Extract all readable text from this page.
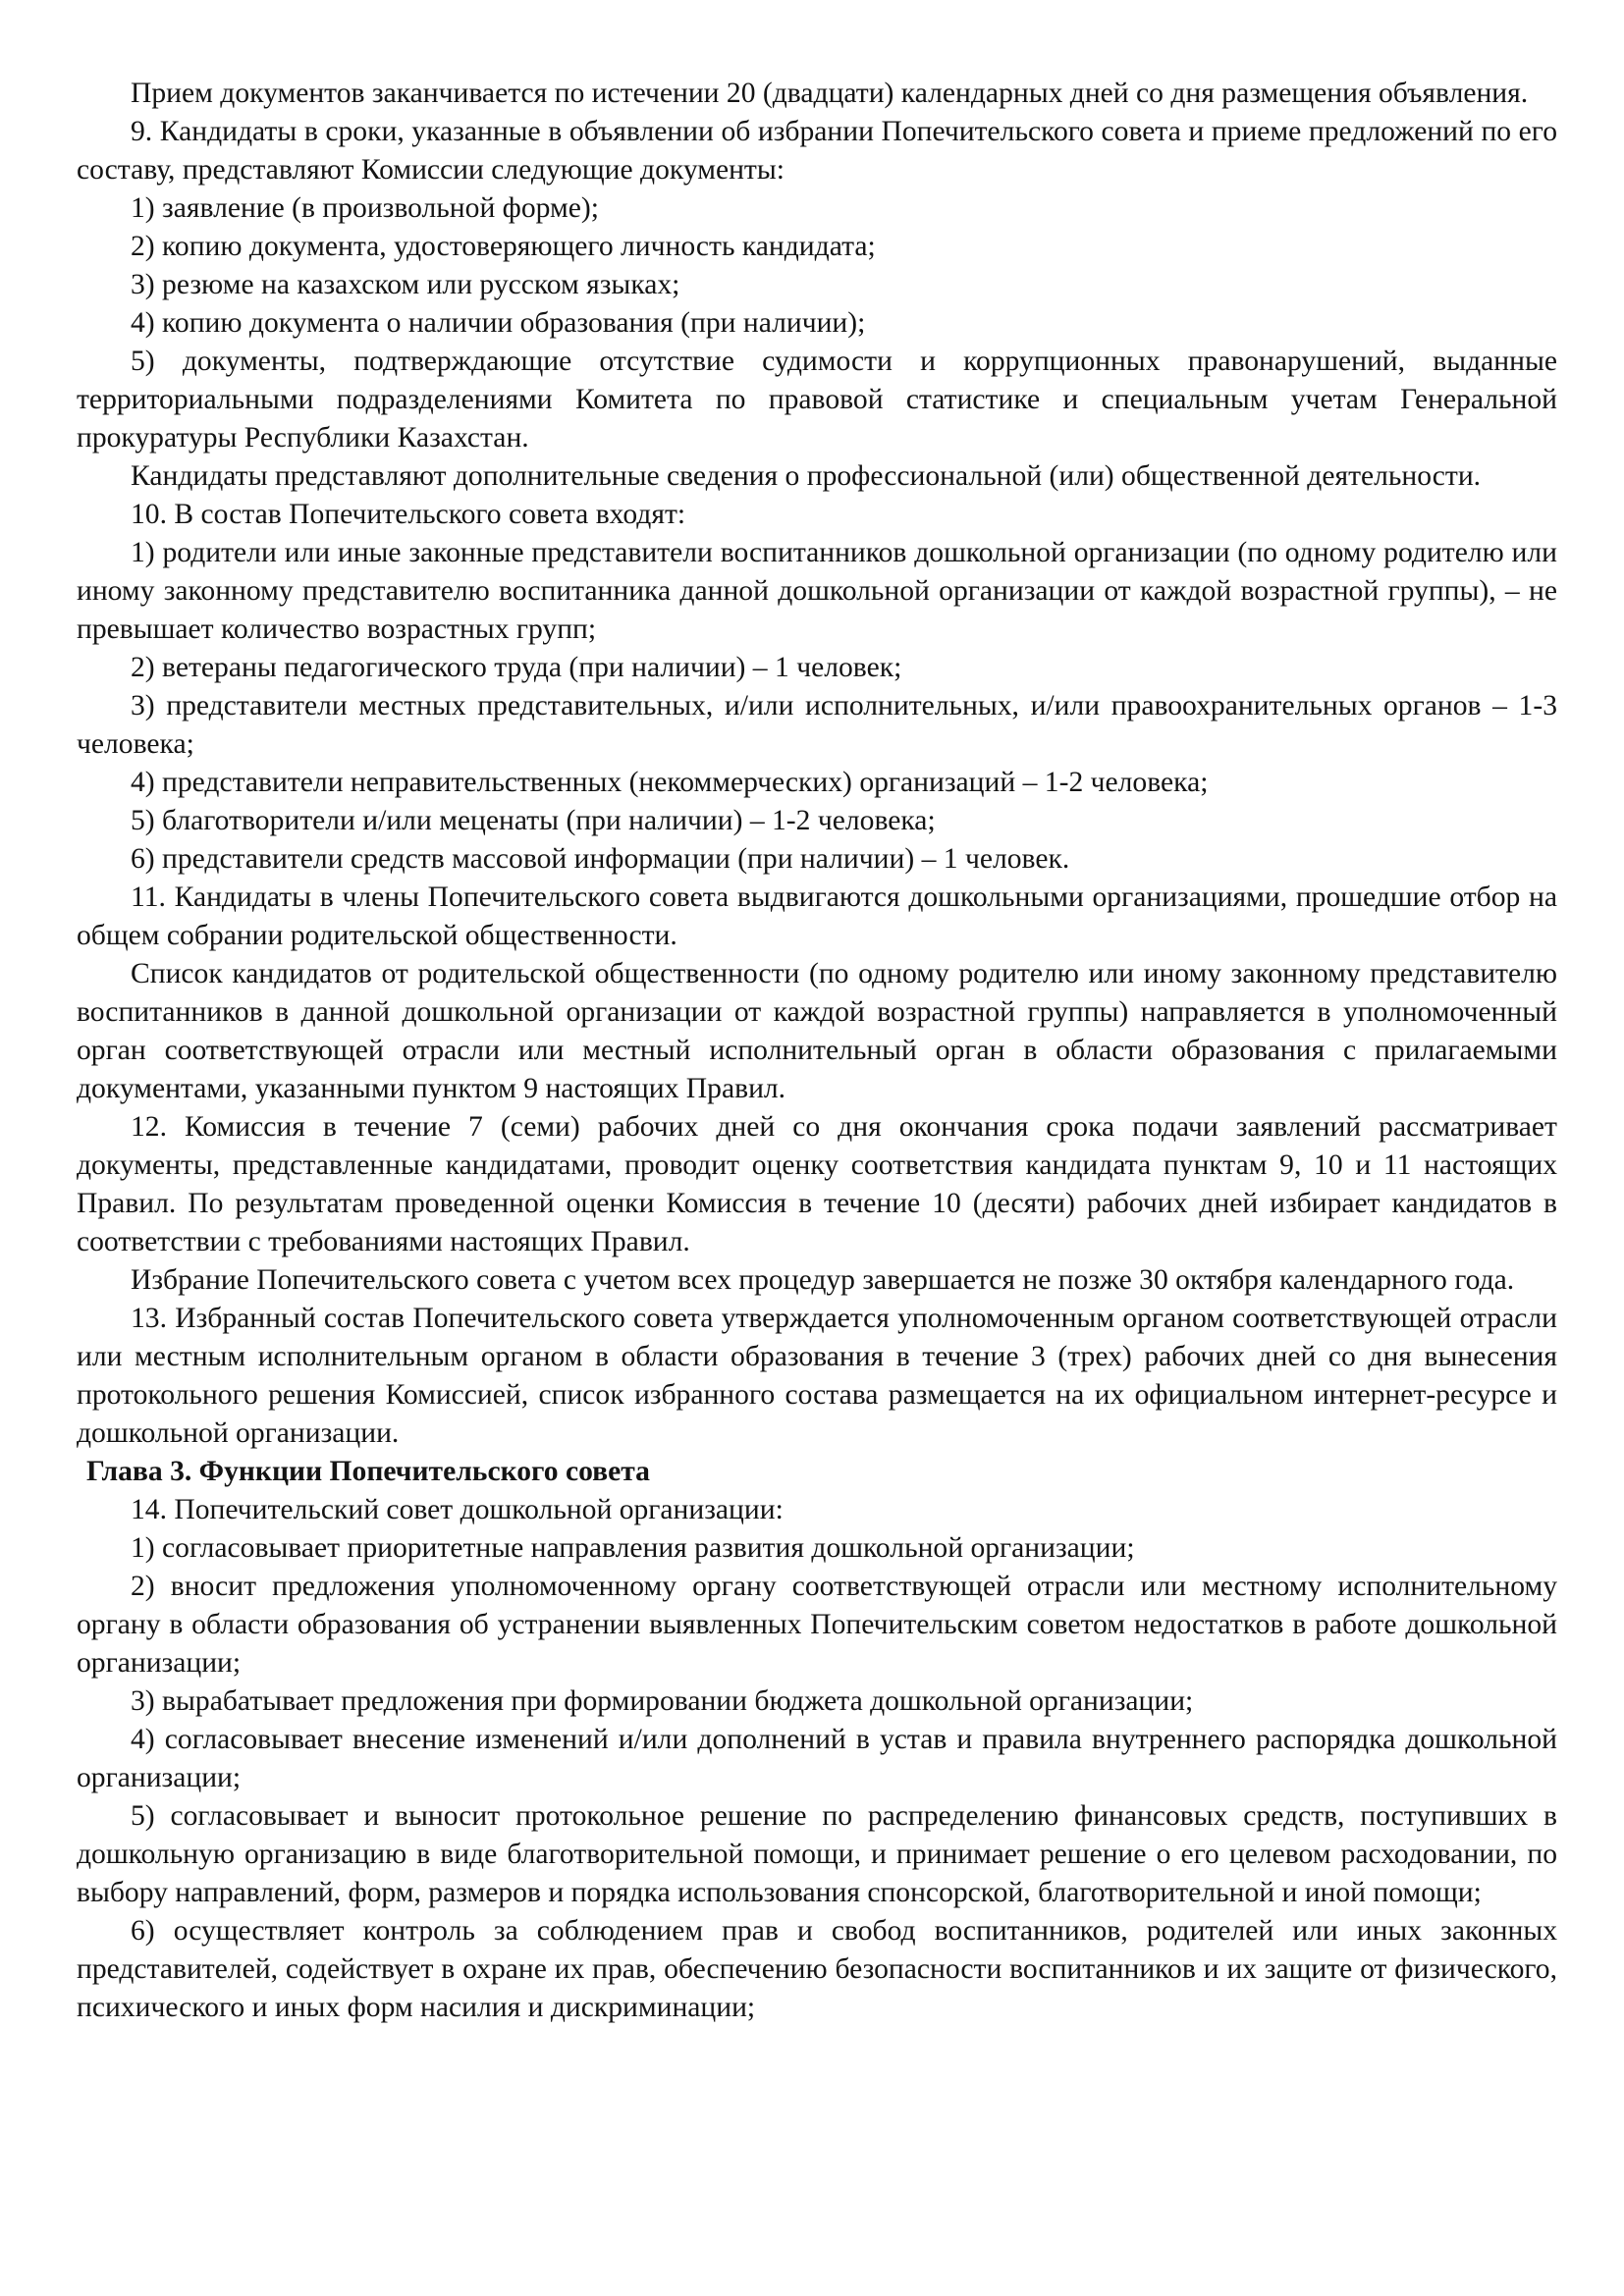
Прием документов заканчивается по истечении 20 (двадцати) календарных дней со дня размещения объявления.

9. Кандидаты в сроки, указанные в объявлении об избрании Попечительского совета и приеме предложений по его составу, представляют Комиссии следующие документы:

1) заявление (в произвольной форме);

2) копию документа, удостоверяющего личность кандидата;

3) резюме на казахском или русском языках;

4) копию документа о наличии образования (при наличии);

5) документы, подтверждающие отсутствие судимости и коррупционных правонарушений, выданные территориальными подразделениями Комитета по правовой статистике и специальным учетам Генеральной прокуратуры Республики Казахстан.

Кандидаты представляют дополнительные сведения о профессиональной (или) общественной деятельности.

10. В состав Попечительского совета входят:

1) родители или иные законные представители воспитанников дошкольной организации (по одному родителю или иному законному представителю воспитанника данной дошкольной организации от каждой возрастной группы), – не превышает количество возрастных групп;

2) ветераны педагогического труда (при наличии) – 1 человек;

3) представители местных представительных, и/или исполнительных, и/или правоохранительных органов – 1-3 человека;

4) представители неправительственных (некоммерческих) организаций – 1-2 человека;

5) благотворители и/или меценаты (при наличии) – 1-2 человека;

6) представители средств массовой информации (при наличии) – 1 человек.

11. Кандидаты в члены Попечительского совета выдвигаются дошкольными организациями, прошедшие отбор на общем собрании родительской общественности.

Список кандидатов от родительской общественности (по одному родителю или иному законному представителю воспитанников в данной дошкольной организации от каждой возрастной группы) направляется в уполномоченный орган соответствующей отрасли или местный исполнительный орган в области образования с прилагаемыми документами, указанными пунктом 9 настоящих Правил.

12. Комиссия в течение 7 (семи) рабочих дней со дня окончания срока подачи заявлений рассматривает документы, представленные кандидатами, проводит оценку соответствия кандидата пунктам 9, 10 и 11 настоящих Правил. По результатам проведенной оценки Комиссия в течение 10 (десяти) рабочих дней избирает кандидатов в соответствии с требованиями настоящих Правил.

Избрание Попечительского совета с учетом всех процедур завершается не позже 30 октября календарного года.

13. Избранный состав Попечительского совета утверждается уполномоченным органом соответствующей отрасли или местным исполнительным органом в области образования в течение 3 (трех) рабочих дней со дня вынесения протокольного решения Комиссией, список избранного состава размещается на их официальном интернет-ресурсе и дошкольной организации.

Глава 3. Функции Попечительского совета

14. Попечительский совет дошкольной организации:

1) согласовывает приоритетные направления развития дошкольной организации;

2) вносит предложения уполномоченному органу соответствующей отрасли или местному исполнительному органу в области образования об устранении выявленных Попечительским советом недостатков в работе дошкольной организации;

3) вырабатывает предложения при формировании бюджета дошкольной организации;

4) согласовывает внесение изменений и/или дополнений в устав и правила внутреннего распорядка дошкольной организации;

5) согласовывает и выносит протокольное решение по распределению финансовых средств, поступивших в дошкольную организацию в виде благотворительной помощи, и принимает решение о его целевом расходовании, по выбору направлений, форм, размеров и порядка использования спонсорской, благотворительной и иной помощи;

6) осуществляет контроль за соблюдением прав и свобод воспитанников, родителей или иных законных представителей, содействует в охране их прав, обеспечению безопасности воспитанников и их защите от физического, психического и иных форм насилия и дискриминации;
